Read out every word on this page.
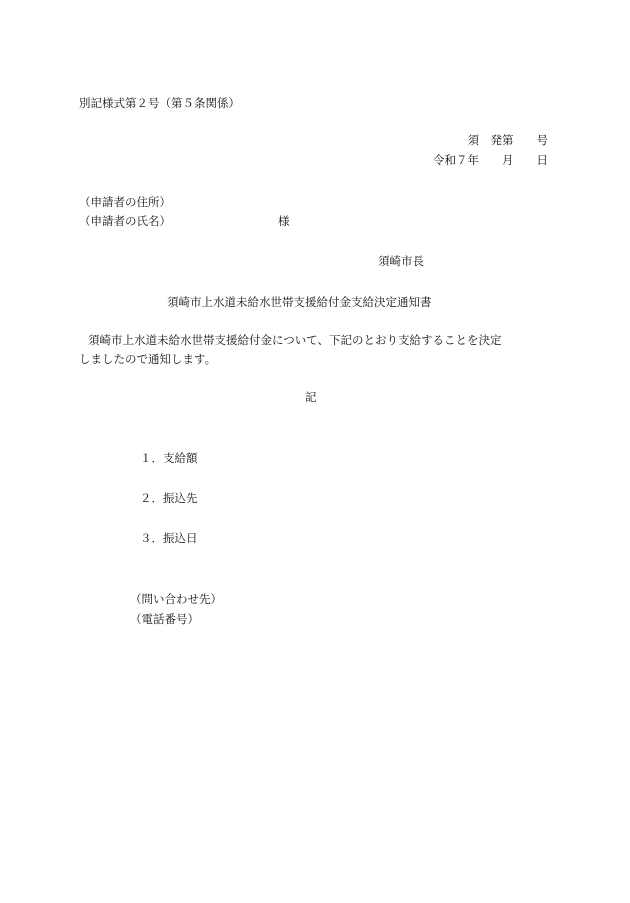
別記様式第２号（第５条関係）
須　発第　　号
令和７年　　月　　日
（申請者の住所）
（申請者の氏名）	様
須崎市長
須崎市上水道未給水世帯支援給付金支給決定通知書
須崎市上水道未給水世帯支援給付金について、下記のとおり支給することを決定
しましたので通知します。
記
１．支給額
２．振込先
３．振込日
（問い合わせ先）
（電話番号）
